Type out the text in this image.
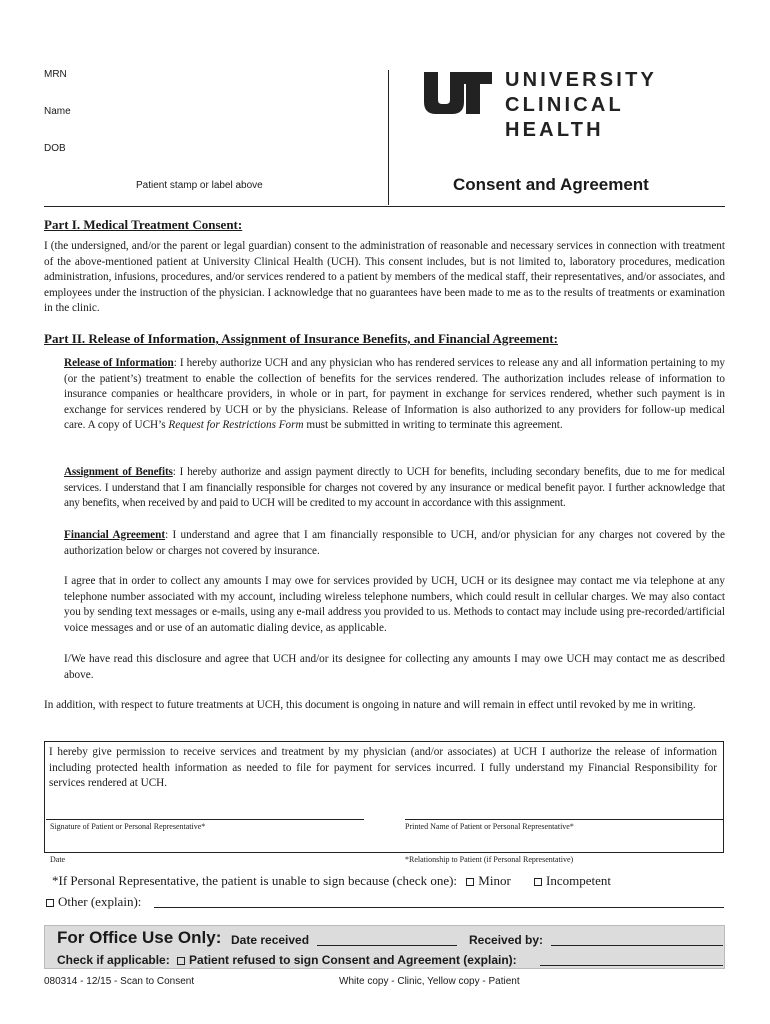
MRN
Name
DOB
Patient stamp or label above
UNIVERSITY
CLINICAL
HEALTH
Consent and Agreement
Part I. Medical Treatment Consent:
I (the undersigned, and/or the parent or legal guardian) consent to the administration of reasonable and necessary services in connection with treatment of the above-mentioned patient at University Clinical Health (UCH). This consent includes, but is not limited to, laboratory procedures, medication administration, infusions, procedures, and/or services rendered to a patient by members of the medical staff, their representatives, and/or associates, and employees under the instruction of the physician. I acknowledge that no guarantees have been made to me as to the results of treatments or examination in the clinic.
Part II. Release of Information, Assignment of Insurance Benefits, and Financial Agreement:
Release of Information: I hereby authorize UCH and any physician who has rendered services to release any and all information pertaining to my (or the patient’s) treatment to enable the collection of benefits for the services rendered. The authorization includes release of information to insurance companies or healthcare providers, in whole or in part, for payment in exchange for services rendered, whether such payment is in exchange for services rendered by UCH or by the physicians. Release of Information is also authorized to any providers for follow-up medical care. A copy of UCH’s Request for Restrictions Form must be submitted in writing to terminate this agreement.
Assignment of Benefits: I hereby authorize and assign payment directly to UCH for benefits, including secondary benefits, due to me for medical services. I understand that I am financially responsible for charges not covered by any insurance or medical benefit payor. I further acknowledge that any benefits, when received by and paid to UCH will be credited to my account in accordance with this assignment.
Financial Agreement: I understand and agree that I am financially responsible to UCH, and/or physician for any charges not covered by the authorization below or charges not covered by insurance.
I agree that in order to collect any amounts I may owe for services provided by UCH, UCH or its designee may contact me via telephone at any telephone number associated with my account, including wireless telephone numbers, which could result in cellular charges. We may also contact you by sending text messages or e-mails, using any e-mail address you provided to us. Methods to contact may include using pre-recorded/artificial voice messages and or use of an automatic dialing device, as applicable.
I/We have read this disclosure and agree that UCH and/or its designee for collecting any amounts I may owe UCH may contact me as described above.
In addition, with respect to future treatments at UCH, this document is ongoing in nature and will remain in effect until revoked by me in writing.
I hereby give permission to receive services and treatment by my physician (and/or associates) at UCH I authorize the release of information including protected health information as needed to file for payment for services incurred. I fully understand my Financial Responsibility for services rendered at UCH.
Signature of Patient or Personal Representative*	Printed Name of Patient or Personal Representative*
Date	*Relationship to Patient (if Personal Representative)
*If Personal Representative, the patient is unable to sign because (check one): Minor	Incompetent
Other (explain):
For Office Use Only: Date received	Received by:
Check if applicable: Patient refused to sign Consent and Agreement (explain):
080314 - 12/15 - Scan to Consent	White copy - Clinic, Yellow copy - Patient
